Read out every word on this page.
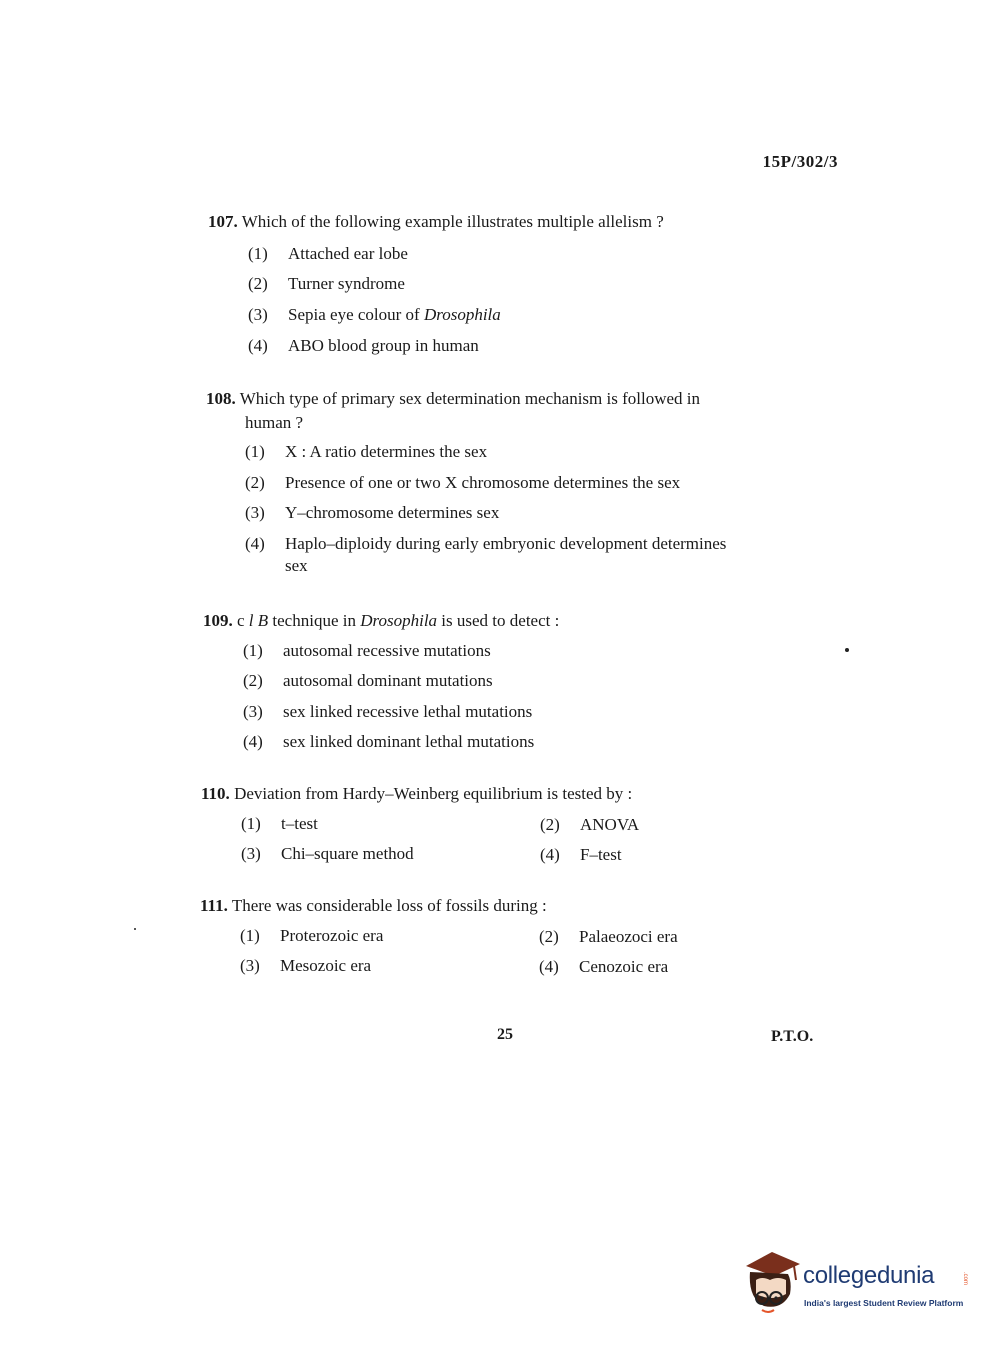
15P/302/3
107. Which of the following example illustrates multiple allelism ?
(1) Attached ear lobe
(2) Turner syndrome
(3) Sepia eye colour of Drosophila
(4) ABO blood group in human
108. Which type of primary sex determination mechanism is followed in
human ?
(1) X : A ratio determines the sex
(2) Presence of one or two X chromosome determines the sex
(3) Y–chromosome determines sex
(4) Haplo–diploidy during early embryonic development determines
sex
109. c l B technique in Drosophila is used to detect :
(1) autosomal recessive mutations
(2) autosomal dominant mutations
(3) sex linked recessive lethal mutations
(4) sex linked dominant lethal mutations
110. Deviation from Hardy–Weinberg equilibrium is tested by :
(1) t–test	(2) ANOVA
(3) Chi–square method	(4) F–test
111. There was considerable loss of fossils during :
(1) Proterozoic era	(2) Palaeozoci era
(3) Mesozoic era	(4) Cenozoic era
25	P.T.O.
collegedunia	.com
India's largest Student Review Platform
